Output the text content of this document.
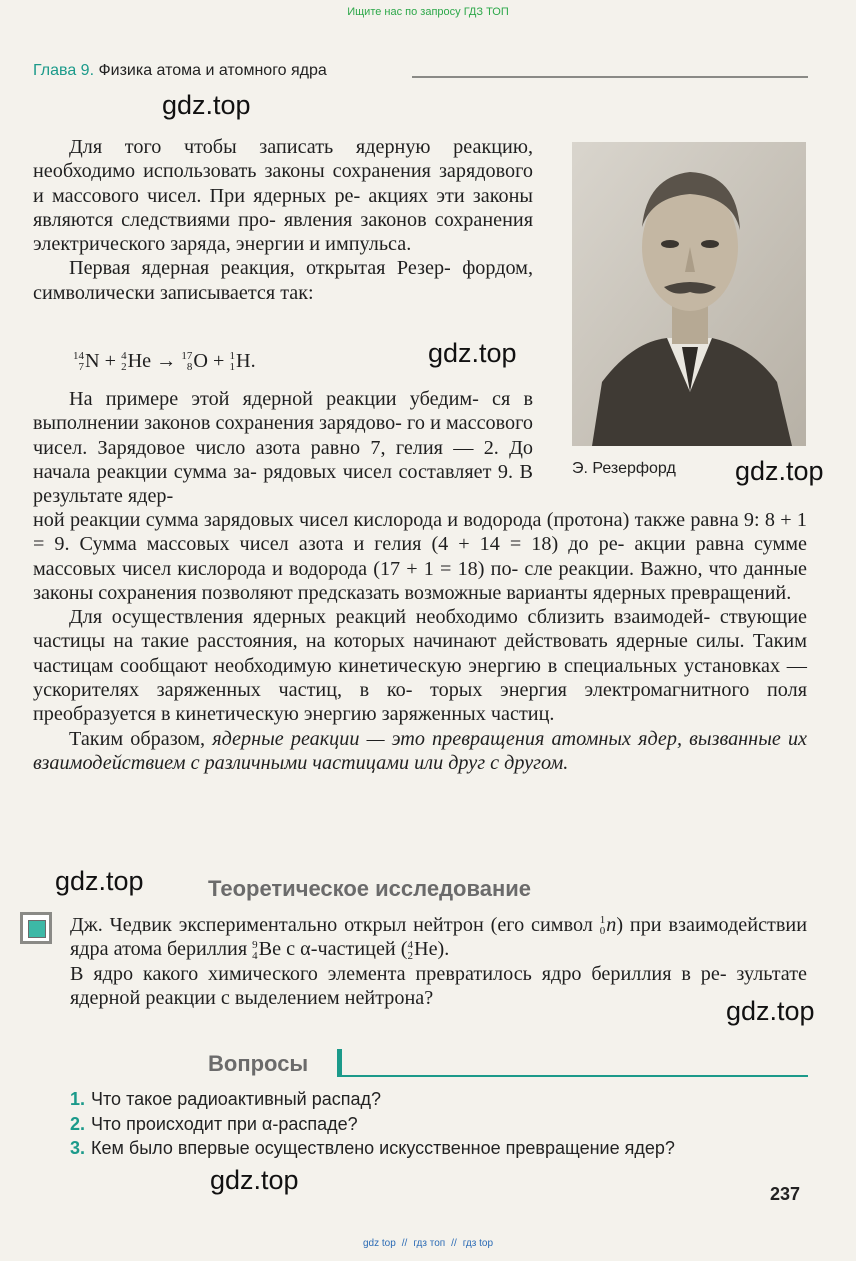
Ищите нас по запросу ГДЗ ТОП
Глава 9. Физика атома и атомного ядра
gdz.top

Для того чтобы записать ядерную реакцию, необходимо использовать законы сохранения зарядового и массового чисел. При ядерных ре- акциях эти законы являются следствиями про- явления законов сохранения электрического заряда, энергии и импульса.

Первая ядерная реакция, открытая Резер- фордом, символически записывается так:

14
7 N + 4
2 He → 17
8 O + 1
1 H.	gdz.top

На примере этой ядерной реакции убедим- ся в выполнении законов сохранения зарядово- го и массового чисел. Зарядовое число азота равно 7, гелия — 2. До начала реакции сумма за- рядовых чисел составляет 9. В результате ядер-

Э. Резерфорд gdz.top

ной реакции сумма зарядовых чисел кислорода и водорода (протона) также равна 9: 8 + 1 = 9. Сумма массовых чисел азота и гелия (4 + 14 = 18) до ре- акции равна сумме массовых чисел кислорода и водорода (17 + 1 = 18) по- сле реакции. Важно, что данные законы сохранения позволяют предсказать возможные варианты ядерных превращений.

Для осуществления ядерных реакций необходимо сблизить взаимодей- ствующие частицы на такие расстояния, на которых начинают действовать ядерные силы. Таким частицам сообщают необходимую кинетическую энергию в специальных установках — ускорителях заряженных частиц, в ко- торых энергия электромагнитного поля преобразуется в кинетическую энергию заряженных частиц.

Таким образом, ядерные реакции — это превращения атомных ядер, вызванные их взаимодействием с различными частицами или друг с другом.

gdz.top	Теоретическое исследование

Дж. Чедвик экспериментально открыл нейтрон (его символ 1
0 n) при взаимодействии ядра атома бериллия 9
4 Be с α-частицей ( 4
2 He).

В ядро какого химического элемента превратилось ядро бериллия в ре- зультате ядерной реакции с выделением нейтрона?	gdz.top
Вопросы
1. Что такое радиоактивный распад?
2. Что происходит при α-распаде?
3. Кем было впервые осуществлено искусственное превращение ядер?
gdz.top	237
gdz top // гдз топ // гдз top
